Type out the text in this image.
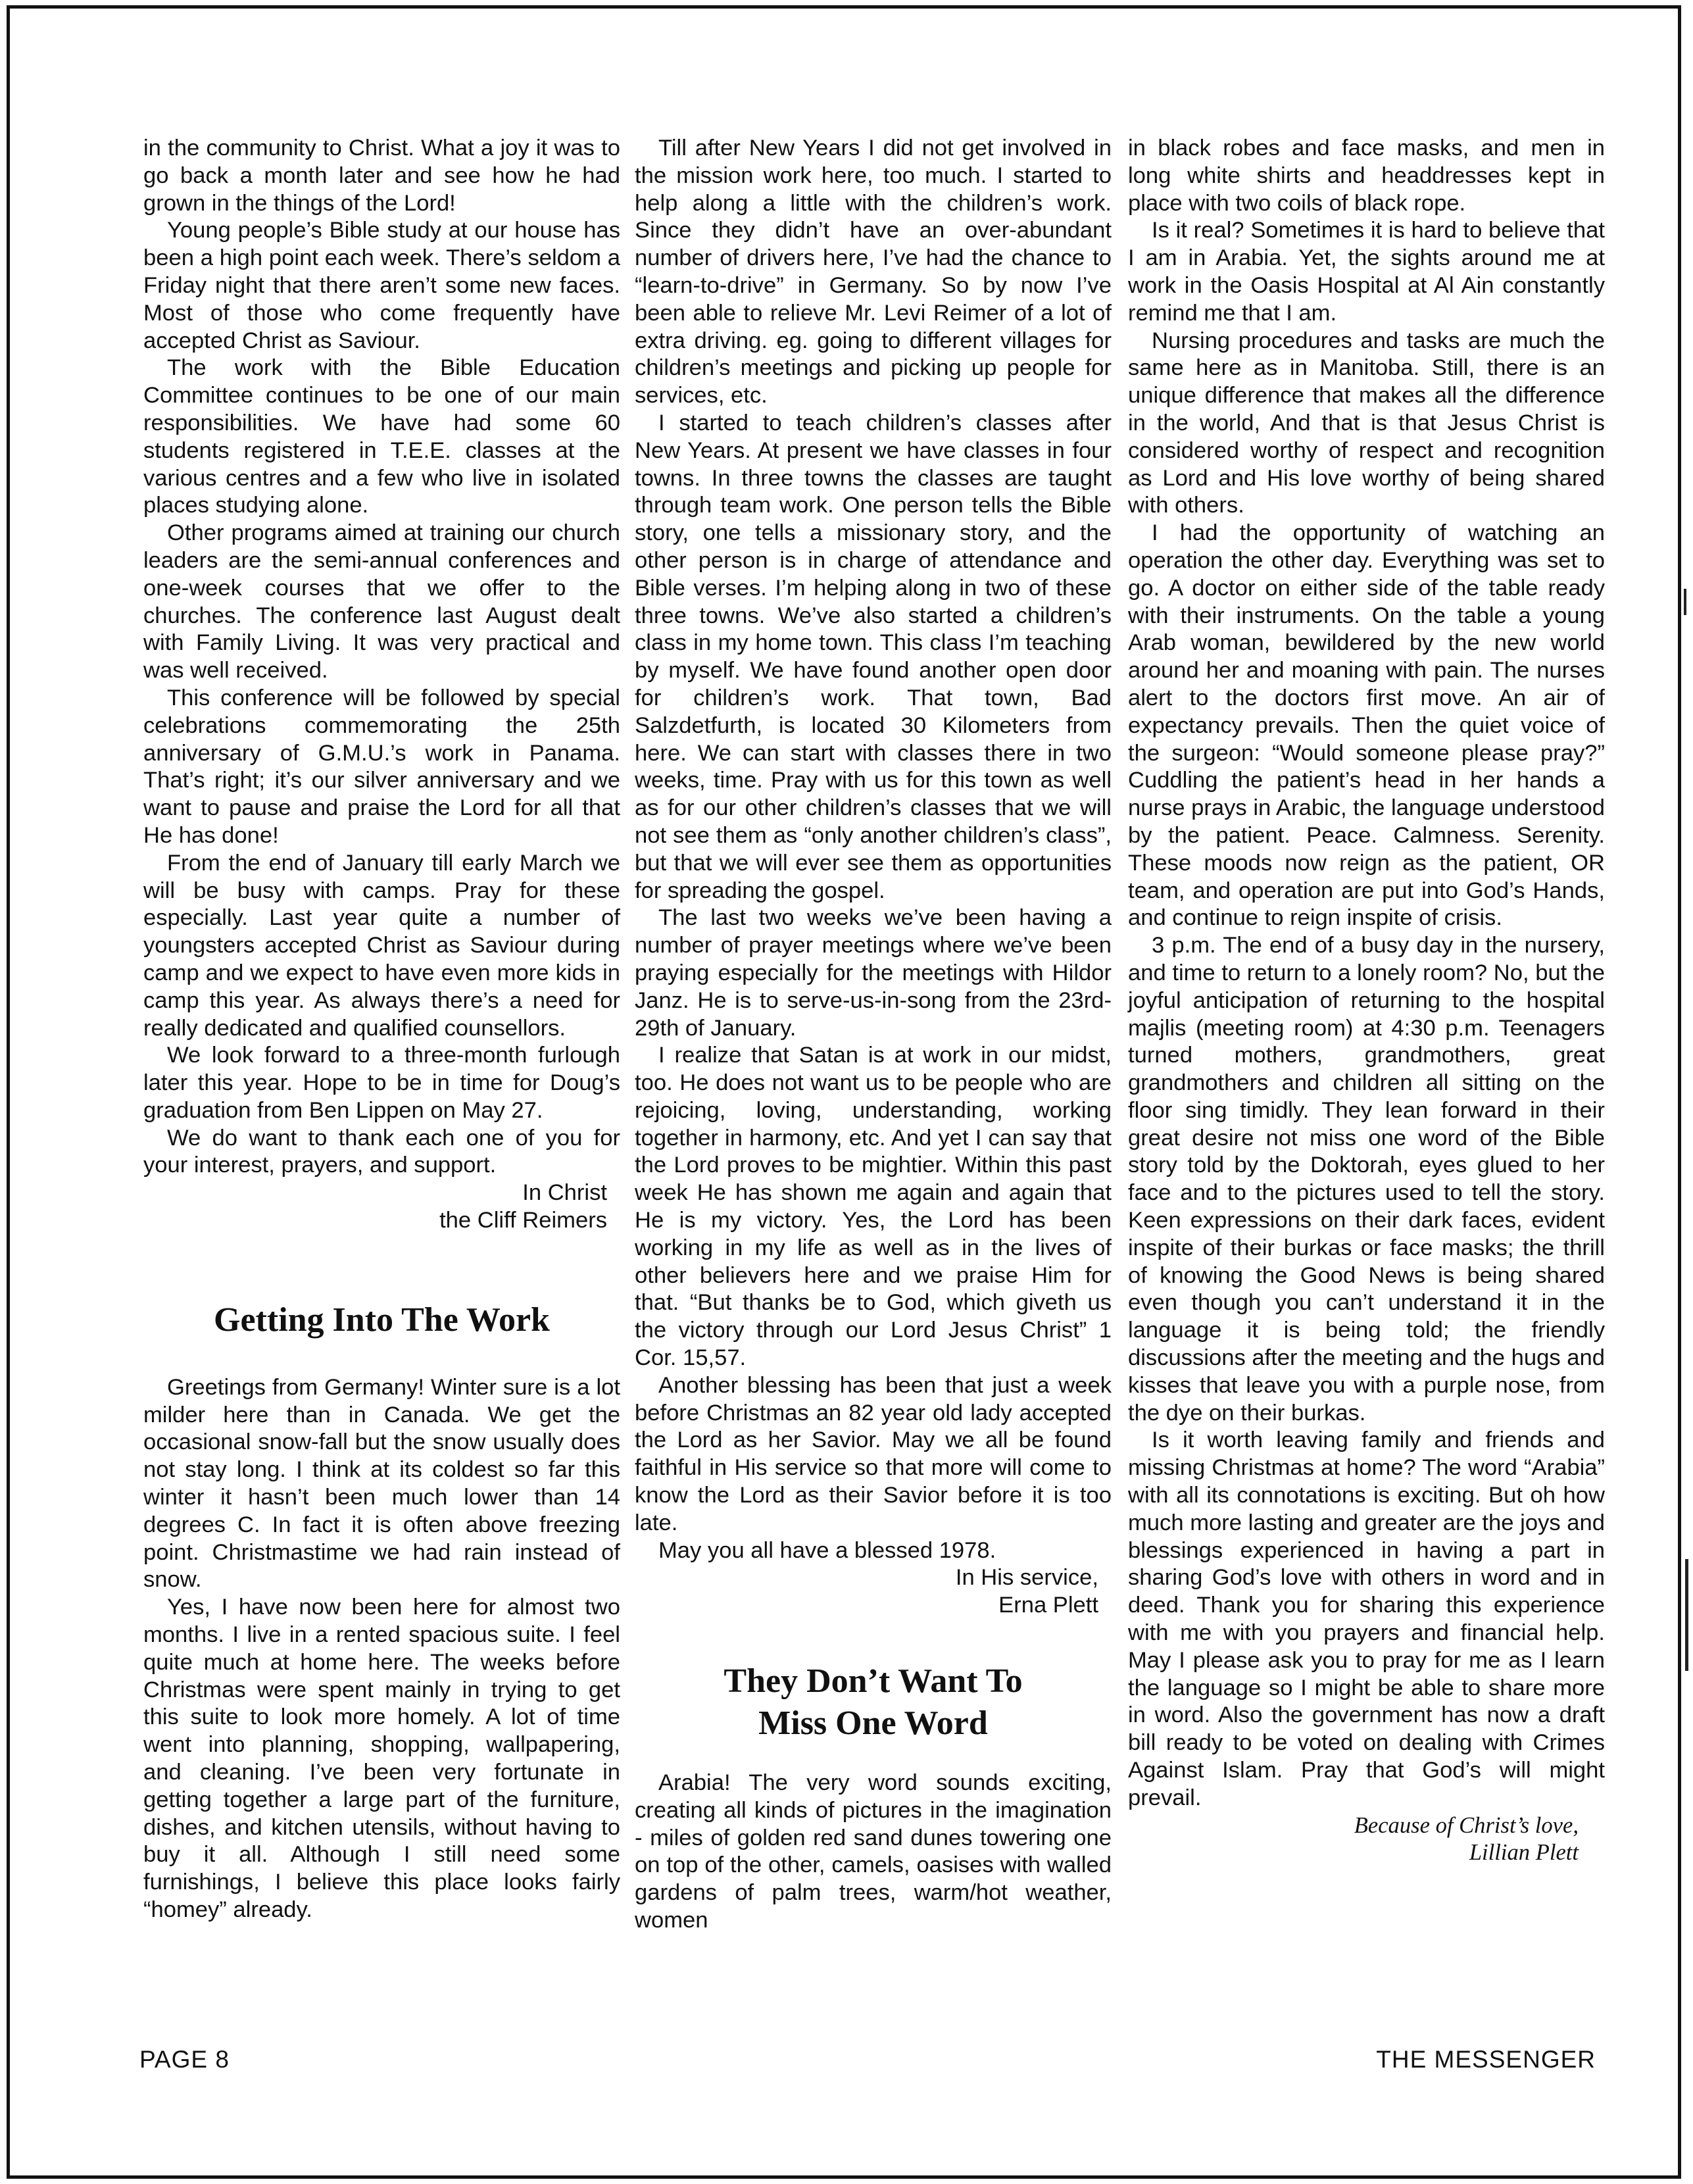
in the community to Christ. What a joy it was to go back a month later and see how he had grown in the things of the Lord!

Young people’s Bible study at our house has been a high point each week. There’s seldom a Friday night that there aren’t some new faces. Most of those who come frequently have accepted Christ as Saviour.

The work with the Bible Education Committee continues to be one of our main responsibilities. We have had some 60 students registered in T.E.E. classes at the various centres and a few who live in isolated places studying alone.

Other programs aimed at training our church leaders are the semi-annual conferences and one-week courses that we offer to the churches. The conference last August dealt with Family Living. It was very practical and was well received.

This conference will be followed by special celebrations commemorating the 25th anniversary of G.M.U.’s work in Panama. That’s right; it’s our silver anniversary and we want to pause and praise the Lord for all that He has done!

From the end of January till early March we will be busy with camps. Pray for these especially. Last year quite a number of youngsters accepted Christ as Saviour during camp and we expect to have even more kids in camp this year. As always there’s a need for really dedicated and qualified counsellors.

We look forward to a three-month furlough later this year. Hope to be in time for Doug’s graduation from Ben Lippen on May 27.

We do want to thank each one of you for your interest, prayers, and support.

In Christ
the Cliff Reimers
Getting Into The Work

Greetings from Germany! Winter sure is a lot milder here than in Canada. We get the occasional snow-fall but the snow usually does not stay long. I think at its coldest so far this winter it hasn’t been much lower than 14 degrees C. In fact it is often above freezing point. Christmastime we had rain instead of snow.

Yes, I have now been here for almost two months. I live in a rented spacious suite. I feel quite much at home here. The weeks before Christmas were spent mainly in trying to get this suite to look more homely. A lot of time went into planning, shopping, wallpapering, and cleaning. I’ve been very fortunate in getting together a large part of the furniture, dishes, and kitchen utensils, without having to buy it all. Although I still need some furnishings, I believe this place looks fairly “homey” already.

Till after New Years I did not get involved in the mission work here, too much. I started to help along a little with the children’s work. Since they didn’t have an over-abundant number of drivers here, I’ve had the chance to “learn-to-drive” in Germany. So by now I’ve been able to relieve Mr. Levi Reimer of a lot of extra driving. eg. going to different villages for children’s meetings and picking up people for services, etc.

I started to teach children’s classes after New Years. At present we have classes in four towns. In three towns the classes are taught through team work. One person tells the Bible story, one tells a missionary story, and the other person is in charge of attendance and Bible verses. I’m helping along in two of these three towns. We’ve also started a children’s class in my home town. This class I’m teaching by myself. We have found another open door for children’s work. That town, Bad Salzdetfurth, is located 30 Kilometers from here. We can start with classes there in two weeks, time. Pray with us for this town as well as for our other children’s classes that we will not see them as “only another children’s class”, but that we will ever see them as opportunities for spreading the gospel.

The last two weeks we’ve been having a number of prayer meetings where we’ve been praying especially for the meetings with Hildor Janz. He is to serve-us-in-song from the 23rd-29th of January.

I realize that Satan is at work in our midst, too. He does not want us to be people who are rejoicing, loving, understanding, working together in harmony, etc. And yet I can say that the Lord proves to be mightier. Within this past week He has shown me again and again that He is my victory. Yes, the Lord has been working in my life as well as in the lives of other believers here and we praise Him for that. “But thanks be to God, which giveth us the victory through our Lord Jesus Christ” 1 Cor. 15,57.

Another blessing has been that just a week before Christmas an 82 year old lady accepted the Lord as her Savior. May we all be found faithful in His service so that more will come to know the Lord as their Savior before it is too late.

May you all have a blessed 1978.

In His service,
Erna Plett
They Don’t Want To
Miss One Word

Arabia! The very word sounds exciting, creating all kinds of pictures in the imagination - miles of golden red sand dunes towering one on top of the other, camels, oasises with walled gardens of palm trees, warm/hot weather, women

in black robes and face masks, and men in long white shirts and headdresses kept in place with two coils of black rope.

Is it real? Sometimes it is hard to believe that I am in Arabia. Yet, the sights around me at work in the Oasis Hospital at Al Ain constantly remind me that I am.

Nursing procedures and tasks are much the same here as in Manitoba. Still, there is an unique difference that makes all the difference in the world, And that is that Jesus Christ is considered worthy of respect and recognition as Lord and His love worthy of being shared with others.

I had the opportunity of watching an operation the other day. Everything was set to go. A doctor on either side of the table ready with their instruments. On the table a young Arab woman, bewildered by the new world around her and moaning with pain. The nurses alert to the doctors first move. An air of expectancy prevails. Then the quiet voice of the surgeon: “Would someone please pray?” Cuddling the patient’s head in her hands a nurse prays in Arabic, the language understood by the patient. Peace. Calmness. Serenity. These moods now reign as the patient, OR team, and operation are put into God’s Hands, and continue to reign inspite of crisis.

3 p.m. The end of a busy day in the nursery, and time to return to a lonely room? No, but the joyful anticipation of returning to the hospital majlis (meeting room) at 4:30 p.m. Teenagers turned mothers, grandmothers, great grandmothers and children all sitting on the floor sing timidly. They lean forward in their great desire not miss one word of the Bible story told by the Doktorah, eyes glued to her face and to the pictures used to tell the story. Keen expressions on their dark faces, evident inspite of their burkas or face masks; the thrill of knowing the Good News is being shared even though you can’t understand it in the language it is being told; the friendly discussions after the meeting and the hugs and kisses that leave you with a purple nose, from the dye on their burkas.

Is it worth leaving family and friends and missing Christmas at home? The word “Arabia” with all its connotations is exciting. But oh how much more lasting and greater are the joys and blessings experienced in having a part in sharing God’s love with others in word and in deed. Thank you for sharing this experience with me with you prayers and financial help. May I please ask you to pray for me as I learn the language so I might be able to share more in word. Also the government has now a draft bill ready to be voted on dealing with Crimes Against Islam. Pray that God’s will might prevail.

Because of Christ’s love,
Lillian Plett
PAGE 8	THE MESSENGER
